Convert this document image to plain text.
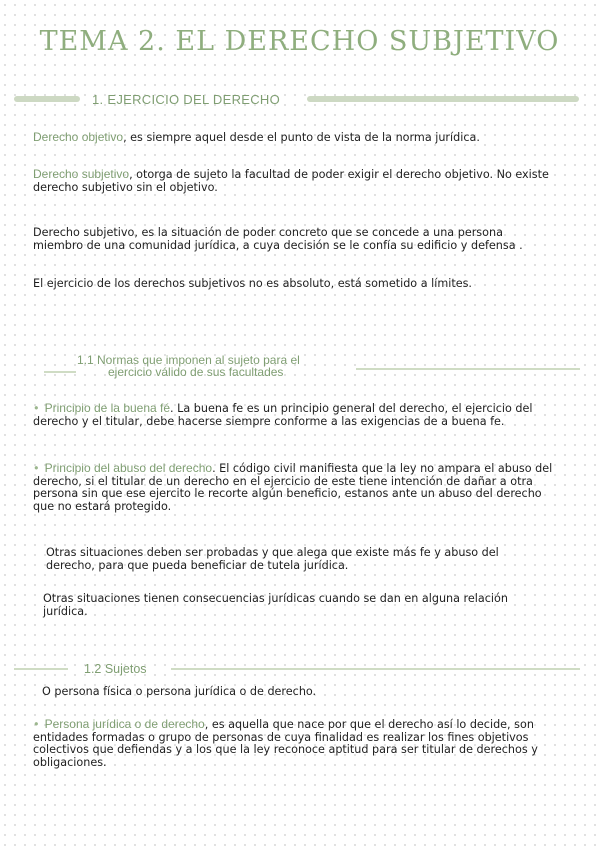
TEMA 2. EL DERECHO SUBJETIVO
1. EJERCICIO DEL DERECHO
Derecho objetivo, es siempre aquel desde el punto de vista de la norma jurídica.
Derecho subjetivo, otorga de sujeto la facultad de poder exigir el derecho objetivo. No existe derecho subjetivo sin el objetivo.
Derecho subjetivo, es la situación de poder concreto que se concede a una persona miembro de una comunidad jurídica, a cuya decisión se le confía su edificio y defensa .
El ejercicio de los derechos subjetivos no es absoluto, está sometido a límites.
1.1 Normas que imponen al sujeto para el
ejercicio válido de sus facultades
• Principio de la buena fé. La buena fe es un principio general del derecho, el ejercicio del derecho y el titular, debe hacerse siempre conforme a las exigencias de a buena fe.
• Principio del abuso del derecho. El código civil manifiesta que la ley no ampara el abuso del derecho, si el titular de un derecho en el ejercicio de este tiene intención de dañar a otra persona sin que ese ejercito le recorte algún beneficio, estanos ante un abuso del derecho que no estará protegido.
Otras situaciones deben ser probadas y que alega que existe más fe y abuso del derecho, para que pueda beneficiar de tutela jurídica.
Otras situaciones tienen consecuencias jurídicas cuando se dan en alguna relación jurídica.
1.2 Sujetos
O persona física o persona jurídica o de derecho.
• Persona jurídica o de derecho, es aquella que nace por que el derecho así lo decide, son entidades formadas o grupo de personas de cuya finalidad es realizar los fines objetivos colectivos que defiendas y a los que la ley reconoce aptitud para ser titular de derechos y obligaciones.
